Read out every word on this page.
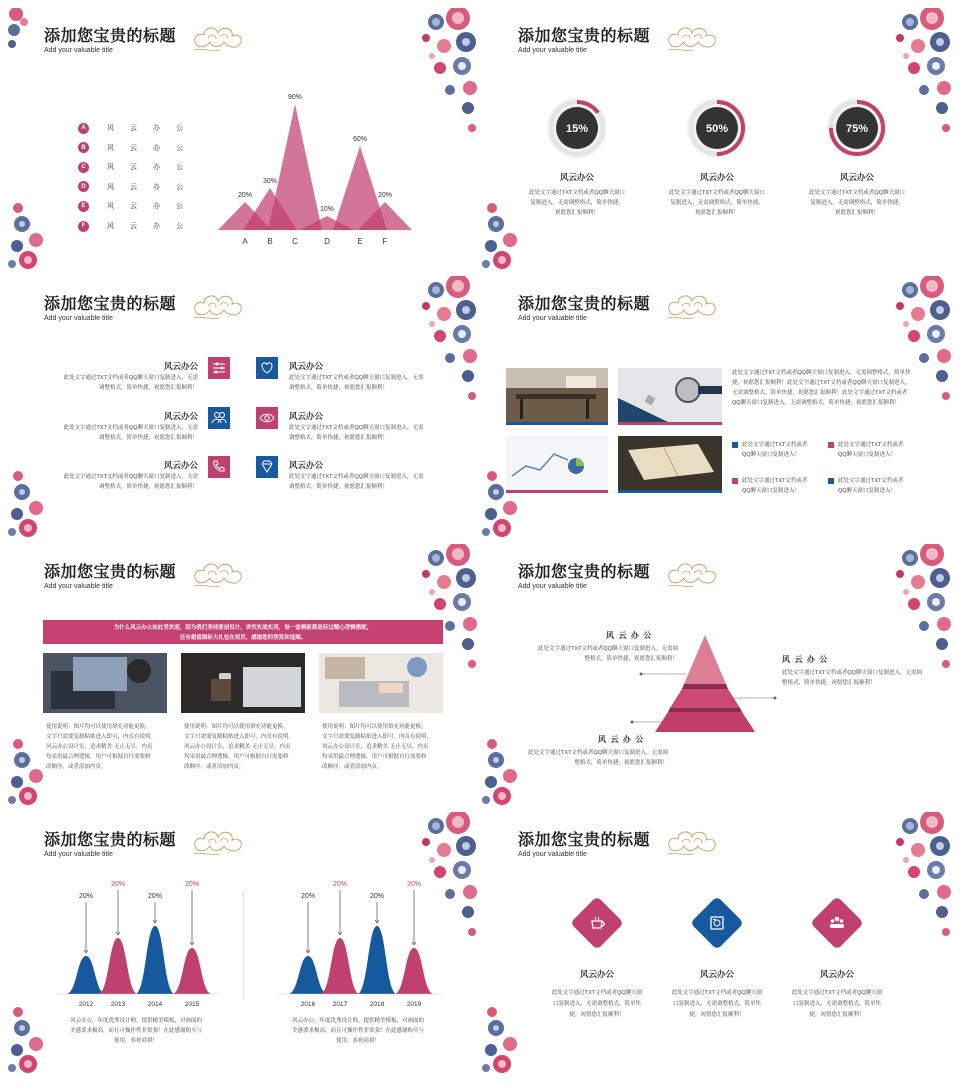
添加您宝贵的标题
Add your valuable title
A	风	云	办	公
B	风	云	办	公
C	风	云	办	公
D	风	云	办	公
E	风	云	办	公
F	风	云	办	公
20%
A
30%
B
90%
C
10%
D
60%
E
20%
F
添加您宝贵的标题
Add your valuable title
15%
风云办公
此处文字通过TXT文档或者QQ聊天窗口复制进入，无需调整格式，简单快捷，祝愿您汇报顺利！
50%
风云办公
此处文字通过TXT文档或者QQ聊天窗口复制进入，无需调整格式，简单快捷，祝愿您汇报顺利！
75%
风云办公
此处文字通过TXT文档或者QQ聊天窗口复制进入，无需调整格式，简单快捷，祝愿您汇报顺利！
添加您宝贵的标题
Add your valuable title
风云办公
此处文字通过TXT文档或者QQ聊天窗口复制进入，无需
调整格式，简单快捷，祝愿您汇报顺利！
风云办公
此处文字通过TXT文档或者QQ聊天窗口复制进入，无需
调整格式，简单快捷，祝愿您汇报顺利！
风云办公
此处文字通过TXT文档或者QQ聊天窗口复制进入，无需
调整格式，简单快捷，祝愿您汇报顺利！
风云办公
此处文字通过TXT文档或者QQ聊天窗口复制进入，无需
调整格式，简单快捷，祝愿您汇报顺利！
风云办公
此处文字通过TXT文档或者QQ聊天窗口复制进入，无需
调整格式，简单快捷，祝愿您汇报顺利！
风云办公
此处文字通过TXT文档或者QQ聊天窗口复制进入，无需
调整格式，简单快捷，祝愿您汇报顺利！
添加您宝贵的标题
Add your valuable title
此处文字通过TXT文档或者QQ聊天窗口复制进入，无需调整格式，简单快
捷，祝愿您汇报顺利！此处文字通过TXT文档或者QQ聊天窗口复制进入，
无需调整格式，简单快捷，祝愿您汇报顺利！此处文字通过TXT文档或者
QQ聊天窗口复制进入，无需调整格式，简单快捷，祝愿您汇报顺利！
此处文字通过TXT文档或者
QQ聊天窗口复制进入！
此处文字通过TXT文档或者
QQ聊天窗口复制进入！
此处文字通过TXT文档或者
QQ聊天窗口复制进入！
此处文字通过TXT文档或者
QQ聊天窗口复制进入！
添加您宝贵的标题
Add your valuable title
为什么风云办公如此受欢迎，因为我们坚持原创设计，讲究实战实用，每一套模板都是经过精心逻辑搭配，
还有超值图标大礼包在尾页，感谢您的预览和选购。
使用说明：图片均可以使用填充功能更换，
文字只需要复制粘贴进入即可，内页有说明。
风云办公设计室，追求精美·无止无尽，内页
均采用最合理逻辑，用户可根据自行需要修
改顺序，或者添加内页。
使用说明：图片均可以使用填充功能更换，
文字只需要复制粘贴进入即可，内页有说明。
风云办公设计室，追求精美·无止无尽，内页
均采用最合理逻辑，用户可根据自行需要修
改顺序，或者添加内页。
使用说明：图片均可以使用填充功能更换，
文字只需要复制粘贴进入即可，内页有说明。
风云办公设计室，追求精美·无止无尽，内页
均采用最合理逻辑，用户可根据自行需要修
改顺序，或者添加内页。
添加您宝贵的标题
Add your valuable title
风  云  办  公
此处文字通过TXT文档或者QQ聊天窗口复制进入，无需调
整格式，简单快捷，祝愿您汇报顺利！	风  云  办  公
此处文字通过TXT文档或者QQ聊天窗口复制进入，无需调
整格式，简单快捷，祝愿您汇报顺利！
风  云  办  公
此处文字通过TXT文档或者QQ聊天窗口复制进入，无需调
整格式，简单快捷，祝愿您汇报顺利！
添加您宝贵的标题
Add your valuable title
20%
2012
20%
2013
20%
2014
20%
2015
20%
2016
20%
2017
20%
2018
20%
2019
风云办公，年度优秀设计师，提供精美模板，对画面的
美感要求极高，而且可操作性非常强！在此感谢购买与
使用，恭祝商祺！
风云办公，年度优秀设计师，提供精美模板，对画面的
美感要求极高，而且可操作性非常强！在此感谢购买与
使用，恭祝商祺！
添加您宝贵的标题
Add your valuable title
风云办公
此处文字通过TXT文档或者QQ聊天窗
口复制进入，无需调整格式，简单快
捷，祝愿您汇报顺利！
风云办公
此处文字通过TXT文档或者QQ聊天窗
口复制进入，无需调整格式，简单快
捷，祝愿您汇报顺利！
风云办公
此处文字通过TXT文档或者QQ聊天窗
口复制进入，无需调整格式，简单快
捷，祝愿您汇报顺利！
